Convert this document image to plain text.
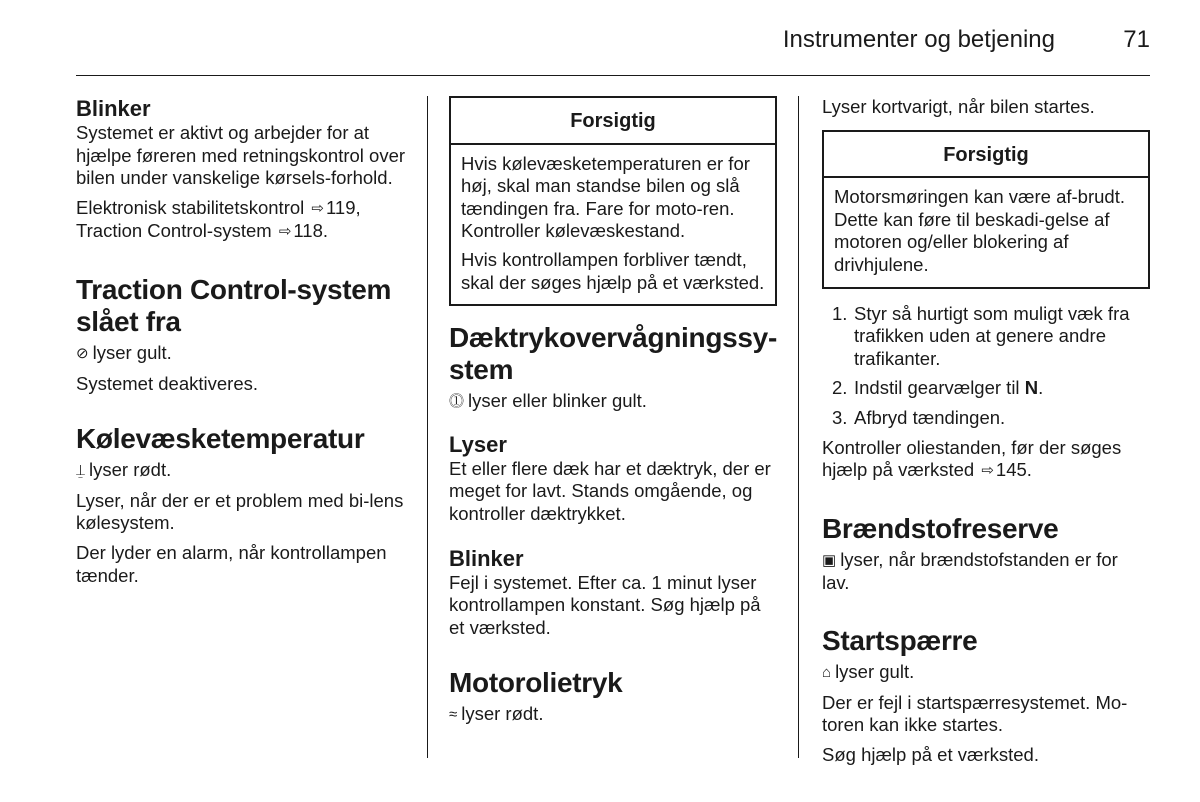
Instrumenter og betjening	71
Blinker

Systemet er aktivt og arbejder for at hjælpe føreren med retningskontrol over bilen under vanskelige kørsels-forhold.

Elektronisk stabilitetskontrol ⇨ 119,
Traction Control-system ⇨ 118.

Traction Control-system slået fra

⊘ lyser gult.

Systemet deaktiveres.

Kølevæsketemperatur

⍊ lyser rødt.

Lyser, når der er et problem med bi-lens kølesystem.

Der lyder en alarm, når kontrollampen tænder.

Forsigtig

Hvis kølevæsketemperaturen er for høj, skal man standse bilen og slå tændingen fra. Fare for moto-ren. Kontroller kølevæskestand.

Hvis kontrollampen forbliver tændt, skal der søges hjælp på et værksted.

Dæktrykovervågningssy-stem

⓵ lyser eller blinker gult.

Lyser

Et eller flere dæk har et dæktryk, der er meget for lavt. Stands omgående, og kontroller dæktrykket.

Blinker

Fejl i systemet. Efter ca. 1 minut lyser kontrollampen konstant. Søg hjælp på et værksted.

Motorolietryk

≈ lyser rødt.

Lyser kortvarigt, når bilen startes.

Forsigtig

Motorsmøringen kan være af-brudt. Dette kan føre til beskadi-gelse af motoren og/eller blokering af drivhjulene.

1. Styr så hurtigt som muligt væk fra trafikken uden at genere andre trafikanter.
2. Indstil gearvælger til N.
3. Afbryd tændingen.

Kontroller oliestanden, før der søges hjælp på værksted ⇨ 145.

Brændstofreserve

▣ lyser, når brændstofstanden er for lav.

Startspærre

⌂ lyser gult.

Der er fejl i startspærresystemet. Mo-toren kan ikke startes.

Søg hjælp på et værksted.
